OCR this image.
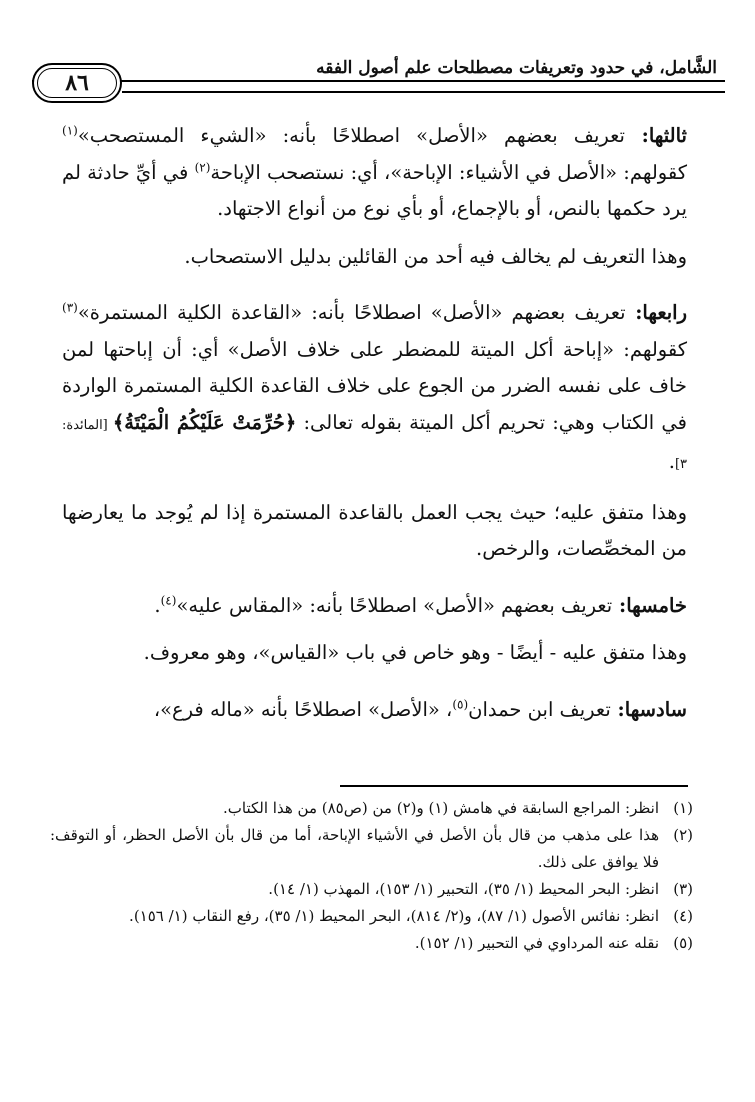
الشَّامل، في حدود وتعريفات مصطلحات علم أصول الفقه
٨٦

ثالثها: تعريف بعضهم «الأصل» اصطلاحًا بأنه: «الشيء المستصحب»$^{(١)}$ كقولهم: «الأصل في الأشياء: الإباحة»، أي: نستصحب الإباحة$^{(٢)}$ في أيِّ حادثة لم يرد حكمها بالنص، أو بالإجماع، أو بأي نوع من أنواع الاجتهاد.

وهذا التعريف لم يخالف فيه أحد من القائلين بدليل الاستصحاب.

رابعها: تعريف بعضهم «الأصل» اصطلاحًا بأنه: «القاعدة الكلية المستمرة»$^{(٣)}$ كقولهم: «إباحة أكل الميتة للمضطر على خلاف الأصل» أي: أن إباحتها لمن خاف على نفسه الضرر من الجوع على خلاف القاعدة الكلية المستمرة الواردة في الكتاب وهي: تحريم أكل الميتة بقوله تعالى: ﴿حُرِّمَتْ عَلَيْكُمُ الْمَيْتَةُ﴾ [المائدة: ٣].

وهذا متفق عليه؛ حيث يجب العمل بالقاعدة المستمرة إذا لم يُوجد ما يعارضها من المخصِّصات، والرخص.

خامسها: تعريف بعضهم «الأصل» اصطلاحًا بأنه: «المقاس عليه»$^{(٤)}$.

وهذا متفق عليه - أيضًا - وهو خاص في باب «القياس»، وهو معروف.

سادسها: تعريف ابن حمدان$^{(٥)}$، «الأصل» اصطلاحًا بأنه «ماله فرع»،

(١)
انظر: المراجع السابقة في هامش (١) و(٢) من (ص٨٥) من هذا الكتاب.
(٢)
هذا على مذهب من قال بأن الأصل في الأشياء الإباحة، أما من قال بأن الأصل الحظر، أو التوقف: فلا يوافق على ذلك.
(٣)
انظر: البحر المحيط (١/ ٣٥)، التحبير (١/ ١٥٣)، المهذب (١/ ١٤).
(٤)
انظر: نفائس الأصول (١/ ٨٧)، و(٢/ ٨١٤)، البحر المحيط (١/ ٣٥)، رفع النقاب (١/ ١٥٦).
(٥)
نقله عنه المرداوي في التحبير (١/ ١٥٢).
